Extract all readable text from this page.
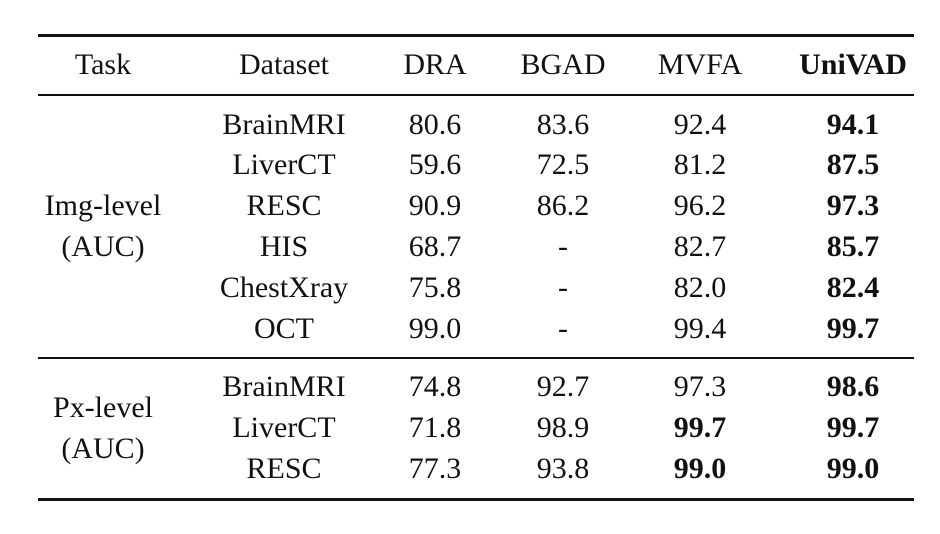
Task	Dataset DRA BGAD MVFA UniVAD
Img-level
(AUC)
BrainMRI 80.6	83.6	92.4	94.1
LiverCT 59.6	72.5	81.2	87.5
RESC	90.9	86.2	96.2	97.3
HIS	68.7	-	82.7	85.7
ChestXray 75.8	-	82.0	82.4
OCT	99.0	-	99.4	99.7
Px-level
(AUC)
BrainMRI 74.8	92.7	97.3	98.6
LiverCT 71.8	98.9	99.7	99.7
RESC	77.3	93.8	99.0	99.0
